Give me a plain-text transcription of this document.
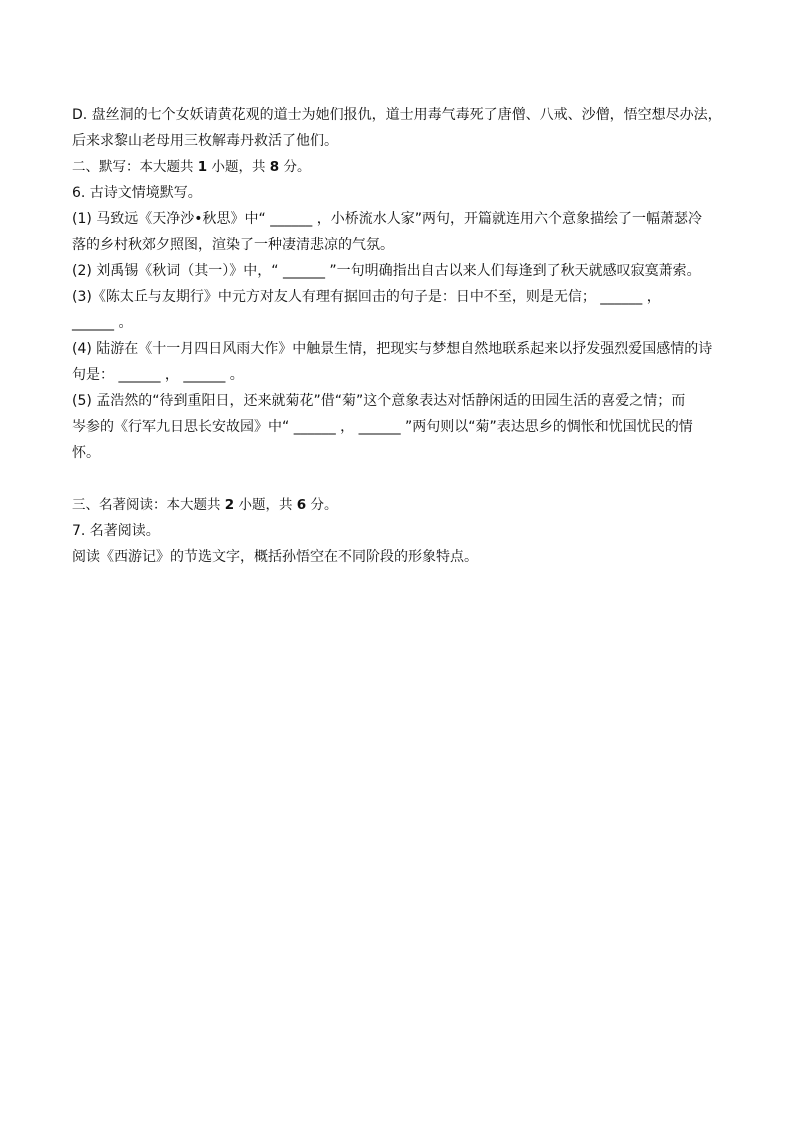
D. 盘丝洞的七个女妖请黄花观的道士为她们报仇，道士用毒气毒死了唐僧、八戒、沙僧，悟空想尽办法，

后来求黎山老母用三枚解毒丹救活了他们。

二、默写：本大题共 1 小题，共 8 分。

6. 古诗文情境默写。

(1) 马致远《天净沙•秋思》中“ ______ ，小桥流水人家”两句，开篇就连用六个意象描绘了一幅萧瑟冷

落的乡村秋郊夕照图，渲染了一种凄清悲凉的气氛。

(2) 刘禹锡《秋词（其一）》中，“ ______ ”一句明确指出自古以来人们每逢到了秋天就感叹寂寞萧索。

(3)《陈太丘与友期行》中元方对友人有理有据回击的句子是：日中不至，则是无信； ______ ，

______ 。

(4) 陆游在《十一月四日风雨大作》中触景生情，把现实与梦想自然地联系起来以抒发强烈爱国感情的诗

句是： ______ ， ______ 。

(5) 孟浩然的“待到重阳日，还来就菊花”借“菊”这个意象表达对恬静闲适的田园生活的喜爱之情；而

岑参的《行军九日思长安故园》中“ ______ ， ______ ”两句则以“菊”表达思乡的惆怅和忧国忧民的情

怀。

三、名著阅读：本大题共 2 小题，共 6 分。

7. 名著阅读。

阅读《西游记》的节选文字，概括孙悟空在不同阶段的形象特点。
